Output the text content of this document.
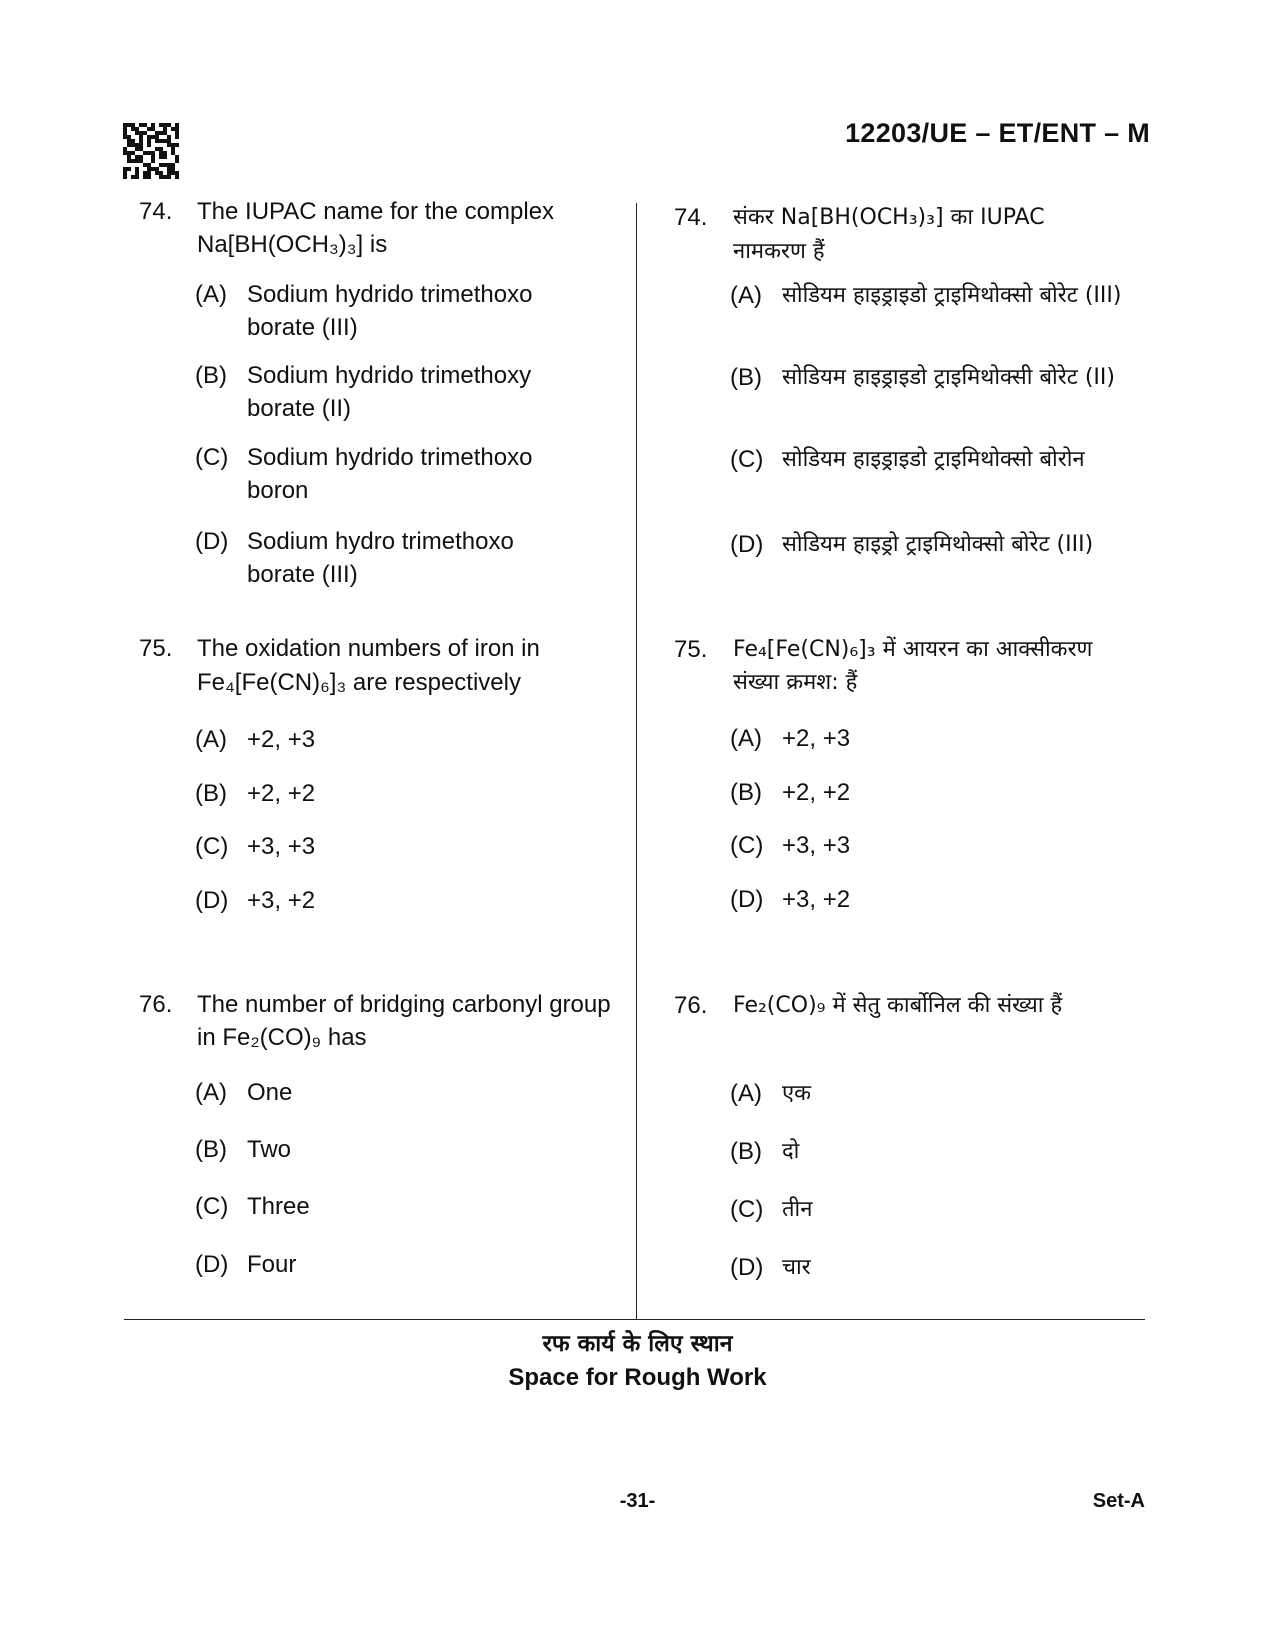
12203/UE – ET/ENT – M
74. The IUPAC name for the complex
Na[BH(OCH₃)₃] is
(A) Sodium hydrido trimethoxo
borate (III)
(B) Sodium hydrido trimethoxy
borate (II)
(C) Sodium hydrido trimethoxo
boron
(D) Sodium hydro trimethoxo
borate (III)
75. The oxidation numbers of iron in
Fe₄[Fe(CN)₆]₃ are respectively
(A) +2, +3
(B) +2, +2
(C) +3, +3
(D) +3, +2
76. The number of bridging carbonyl group
in Fe₂(CO)₉ has
(A) One
(B) Two
(C) Three
(D) Four
74. संकर Na[BH(OCH₃)₃] का IUPAC
नामकरण हैं
(A) सोडियम हाइड्राइडो ट्राइमिथोक्सो बोरेट (III)
(B) सोडियम हाइड्राइडो ट्राइमिथोक्सी बोरेट (II)
(C) सोडियम हाइड्राइडो ट्राइमिथोक्सो बोरोन
(D) सोडियम हाइड्रो ट्राइमिथोक्सो बोरेट (III)
75. Fe₄[Fe(CN)₆]₃ में आयरन का आक्सीकरण
संख्या क्रमश: हैं
(A) +2, +3
(B) +2, +2
(C) +3, +3
(D) +3, +2
76. Fe₂(CO)₉ में सेतु कार्बोनिल की संख्या हैं
(A) एक
(B) दो
(C) तीन
(D) चार
रफ कार्य के लिए स्थान
Space for Rough Work
-31-	Set-A
